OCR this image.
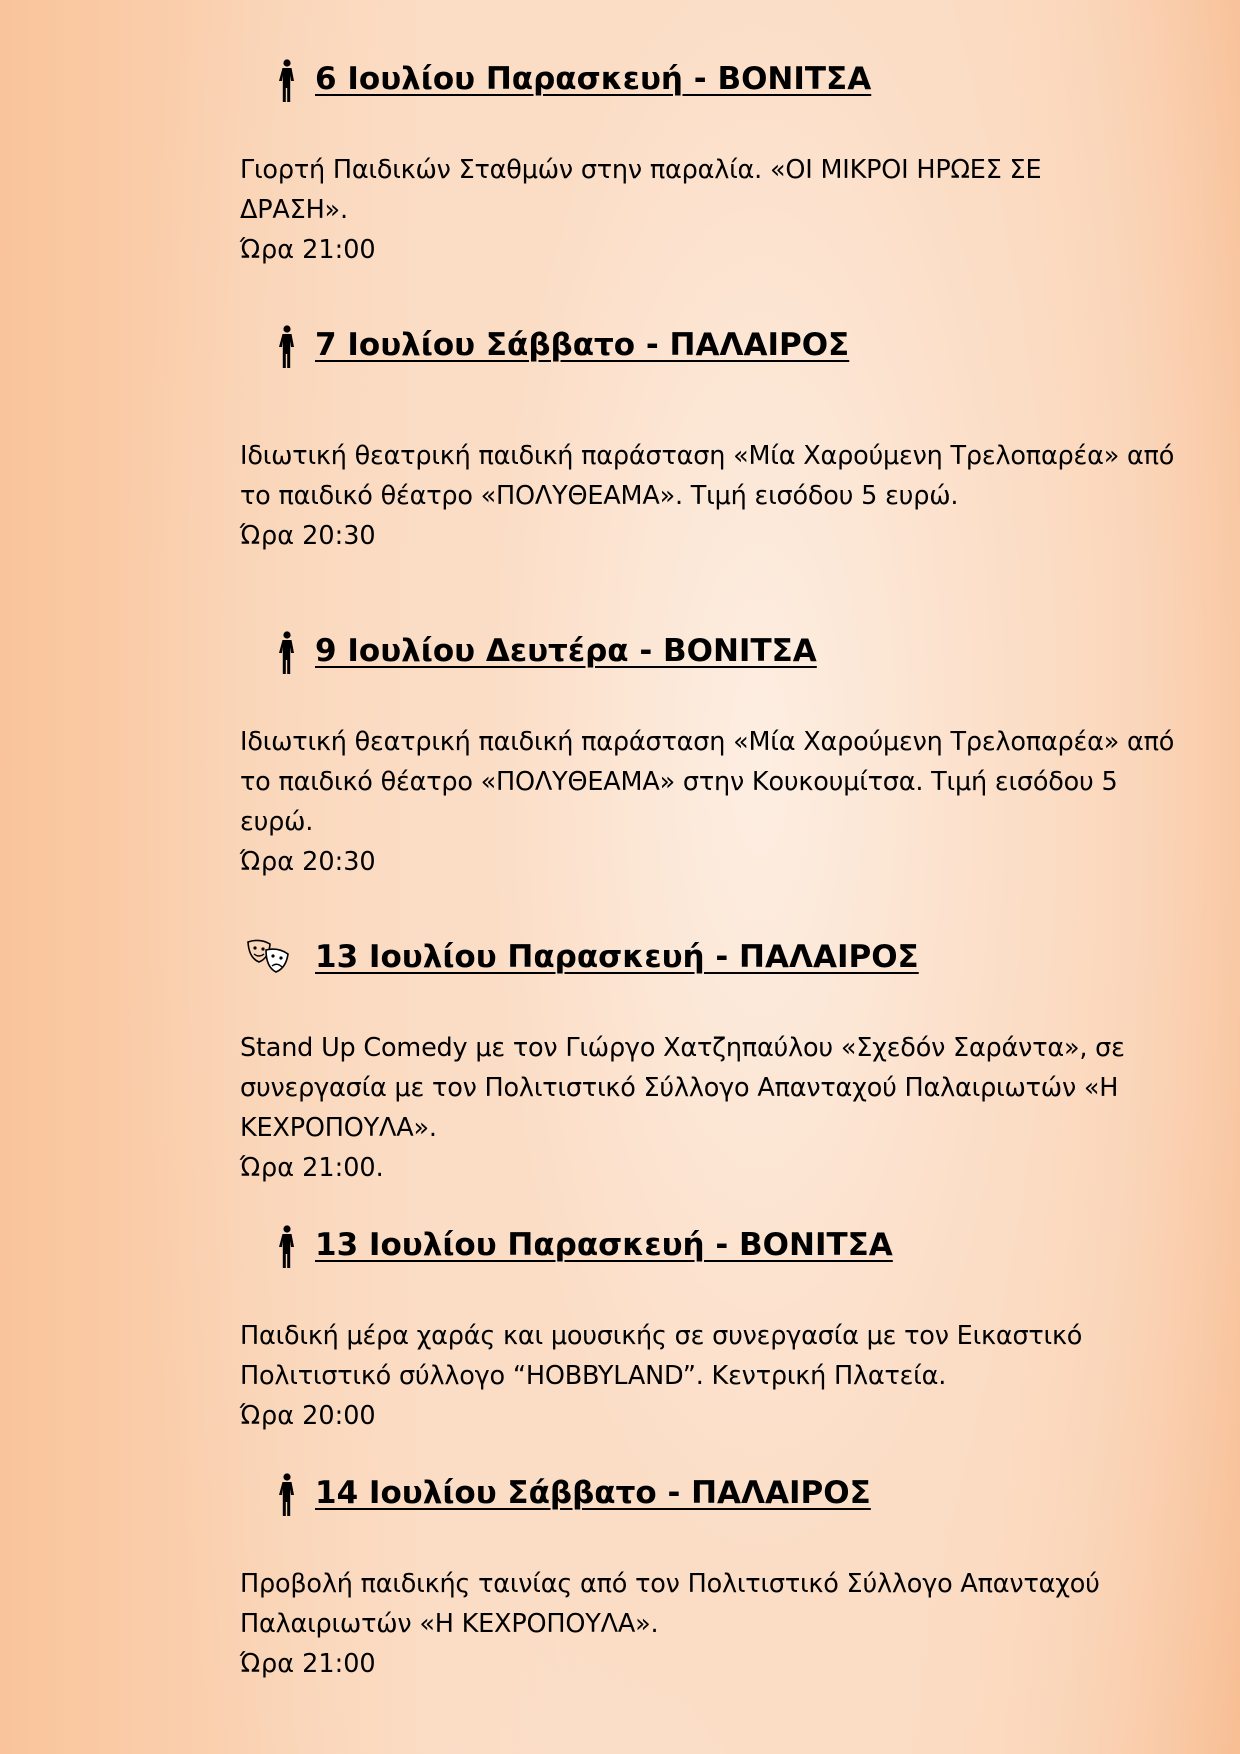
6 Ιουλίου Παρασκευή - ΒΟΝΙΤΣΑ

Γιορτή Παιδικών Σταθμών στην παραλία. «ΟΙ ΜΙΚΡΟΙ ΗΡΩΕΣ ΣΕ
ΔΡΑΣΗ».

Ώρα 21:00

7 Ιουλίου Σάββατο - ΠΑΛΑΙΡΟΣ

Ιδιωτική θεατρική παιδική παράσταση «Μία Χαρούμενη Τρελοπαρέα» από
το παιδικό θέατρο «ΠΟΛΥΘΕΑΜΑ». Τιμή εισόδου 5 ευρώ.

Ώρα 20:30

9 Ιουλίου Δευτέρα - ΒΟΝΙΤΣΑ

Ιδιωτική θεατρική παιδική παράσταση «Μία Χαρούμενη Τρελοπαρέα» από
το παιδικό θέατρο «ΠΟΛΥΘΕΑΜΑ» στην Κουκουμίτσα. Τιμή εισόδου 5
ευρώ.

Ώρα 20:30

13 Ιουλίου Παρασκευή - ΠΑΛΑΙΡΟΣ

Stand Up Comedy με τον Γιώργο Χατζηπαύλου «Σχεδόν Σαράντα», σε
συνεργασία με τον Πολιτιστικό Σύλλογο Απανταχού Παλαιριωτών «Η
ΚΕΧΡΟΠΟΥΛΑ».

Ώρα 21:00.

13 Ιουλίου Παρασκευή - ΒΟΝΙΤΣΑ

Παιδική μέρα χαράς και μουσικής σε συνεργασία με τον Εικαστικό
Πολιτιστικό σύλλογο “HOBBYLAND”. Κεντρική Πλατεία.

Ώρα 20:00

14 Ιουλίου Σάββατο - ΠΑΛΑΙΡΟΣ

Προβολή παιδικής ταινίας από τον Πολιτιστικό Σύλλογο Απανταχού
Παλαιριωτών «Η ΚΕΧΡΟΠΟΥΛΑ».

Ώρα 21:00
